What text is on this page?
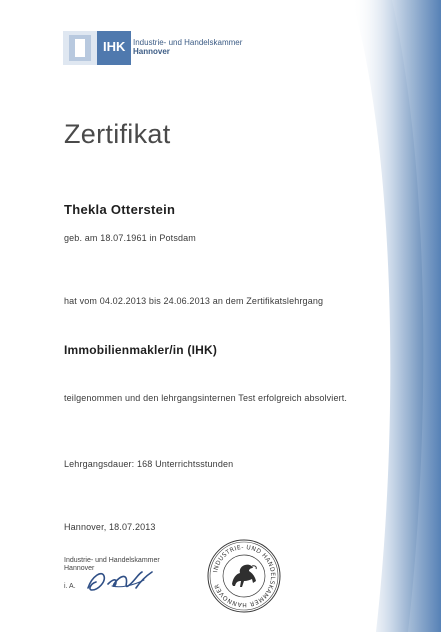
IHK Industrie- und Handelskammer
Hannover
Zertifikat
Thekla Otterstein
geb. am 18.07.1961 in Potsdam
hat vom 04.02.2013 bis 24.06.2013 an dem Zertifikatslehrgang
Immobilienmakler/in (IHK)
teilgenommen und den lehrgangsinternen Test erfolgreich absolviert.
Lehrgangsdauer: 168 Unterrichtsstunden
Hannover, 18.07.2013
Industrie- und Handelskammer
Hannover
i. A.
INDUSTRIE- UND HANDELSKAMMER HANNOVER
